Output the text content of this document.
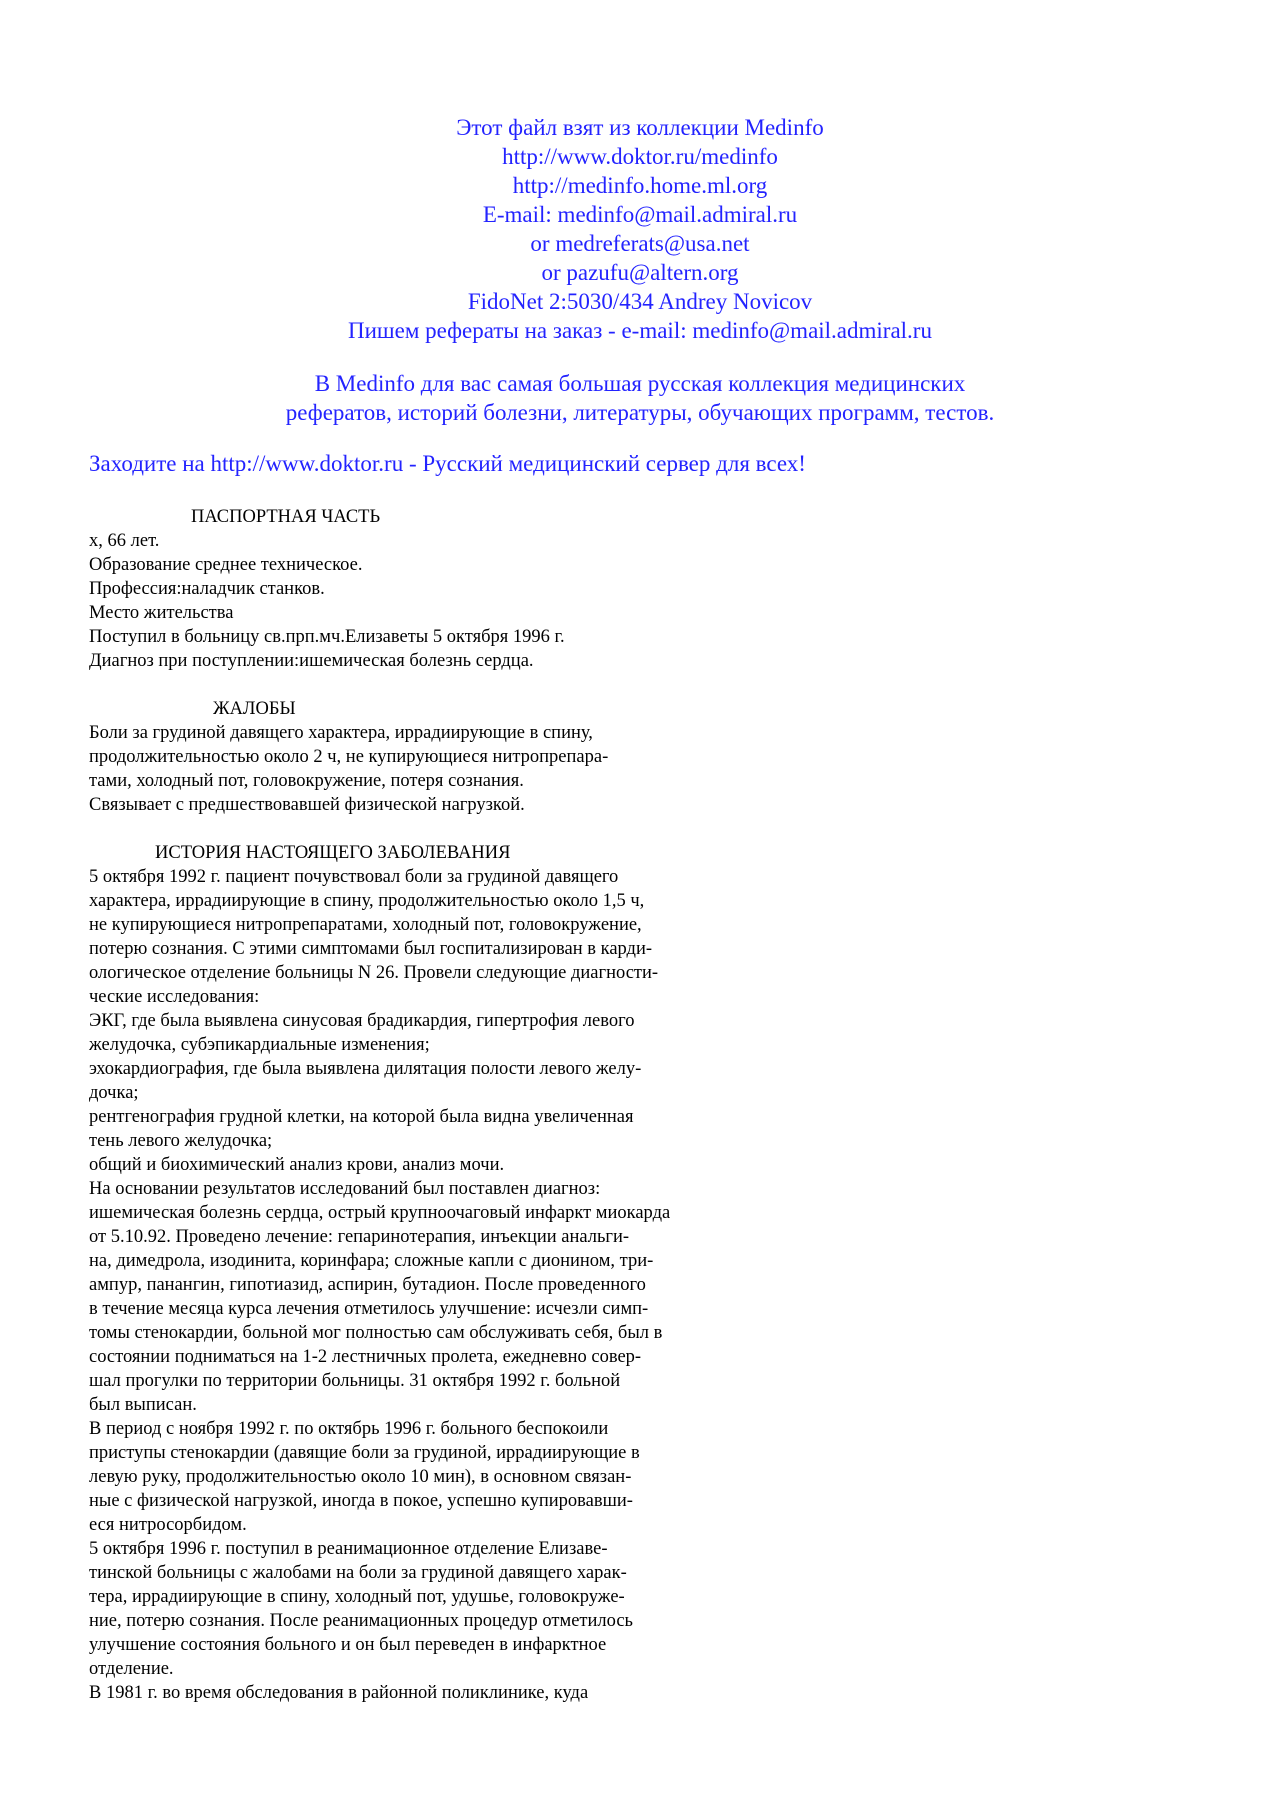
Этот файл взят из коллекции Medinfo
http://www.doktor.ru/medinfo
http://medinfo.home.ml.org
E-mail: medinfo@mail.admiral.ru
or medreferats@usa.net
or pazufu@altern.org
FidoNet 2:5030/434 Andrey Novicov
Пишем рефераты на заказ - e-mail: medinfo@mail.admiral.ru
В Medinfo для вас самая большая русская коллекция медицинских
рефератов, историй болезни, литературы, обучающих программ, тестов.
Заходите на http://www.doktor.ru - Русский медицинский сервер для всех!
ПАСПОРТНАЯ ЧАСТЬ
х, 66 лет.
Образование среднее техническое.
Профессия:наладчик станков.
Место жительства
Поступил в больницу св.прп.мч.Елизаветы 5 октября 1996 г.
Диагноз при поступлении:ишемическая болезнь сердца.
ЖАЛОБЫ
Боли за грудиной давящего характера, иррадиирующие в спину,
продолжительностью около 2 ч, не купирующиеся нитропрепара-
тами, холодный пот, головокружение, потеря сознания.
Связывает с предшествовавшей физической нагрузкой.
ИСТОРИЯ НАСТОЯЩЕГО ЗАБОЛЕВАНИЯ
5 октября 1992 г. пациент почувствовал боли за грудиной давящего
характера, иррадиирующие в спину, продолжительностью около 1,5 ч,
не купирующиеся нитропрепаратами, холодный пот, головокружение,
потерю сознания. С этими симптомами был госпитализирован в карди-
ологическое отделение больницы N 26. Провели следующие диагности-
ческие исследования:
ЭКГ, где была выявлена синусовая брадикардия, гипертрофия левого
желудочка, субэпикардиальные изменения;
эхокардиография, где была выявлена дилятация полости левого желу-
дочка;
рентгенография грудной клетки, на которой была видна увеличенная
тень левого желудочка;
общий и биохимический анализ крови, анализ мочи.
На основании результатов исследований был поставлен диагноз:
ишемическая болезнь сердца, острый крупноочаговый инфаркт миокарда
от 5.10.92. Проведено лечение: гепаринотерапия, инъекции анальги-
на, димедрола, изодинита, коринфара; сложные капли с дионином, три-
ампур, панангин, гипотиазид, аспирин, бутадион. После проведенного
в течение месяца курса лечения отметилось улучшение: исчезли симп-
томы стенокардии, больной мог полностью сам обслуживать себя, был в
состоянии подниматься на 1-2 лестничных пролета, ежедневно совер-
шал прогулки по территории больницы. 31 октября 1992 г. больной
был выписан.
В период с ноября 1992 г. по октябрь 1996 г. больного беспокоили
приступы стенокардии (давящие боли за грудиной, иррадиирующие в
левую руку, продолжительностью около 10 мин), в основном связан-
ные с физической нагрузкой, иногда в покое, успешно купировавши-
еся нитросорбидом.
5 октября 1996 г. поступил в реанимационное отделение Елизаве-
тинской больницы с жалобами на боли за грудиной давящего харак-
тера, иррадиирующие в спину, холодный пот, удушье, головокруже-
ние, потерю сознания. После реанимационных процедур отметилось
улучшение состояния больного и он был переведен в инфарктное
отделение.
В 1981 г. во время обследования в районной поликлинике, куда
